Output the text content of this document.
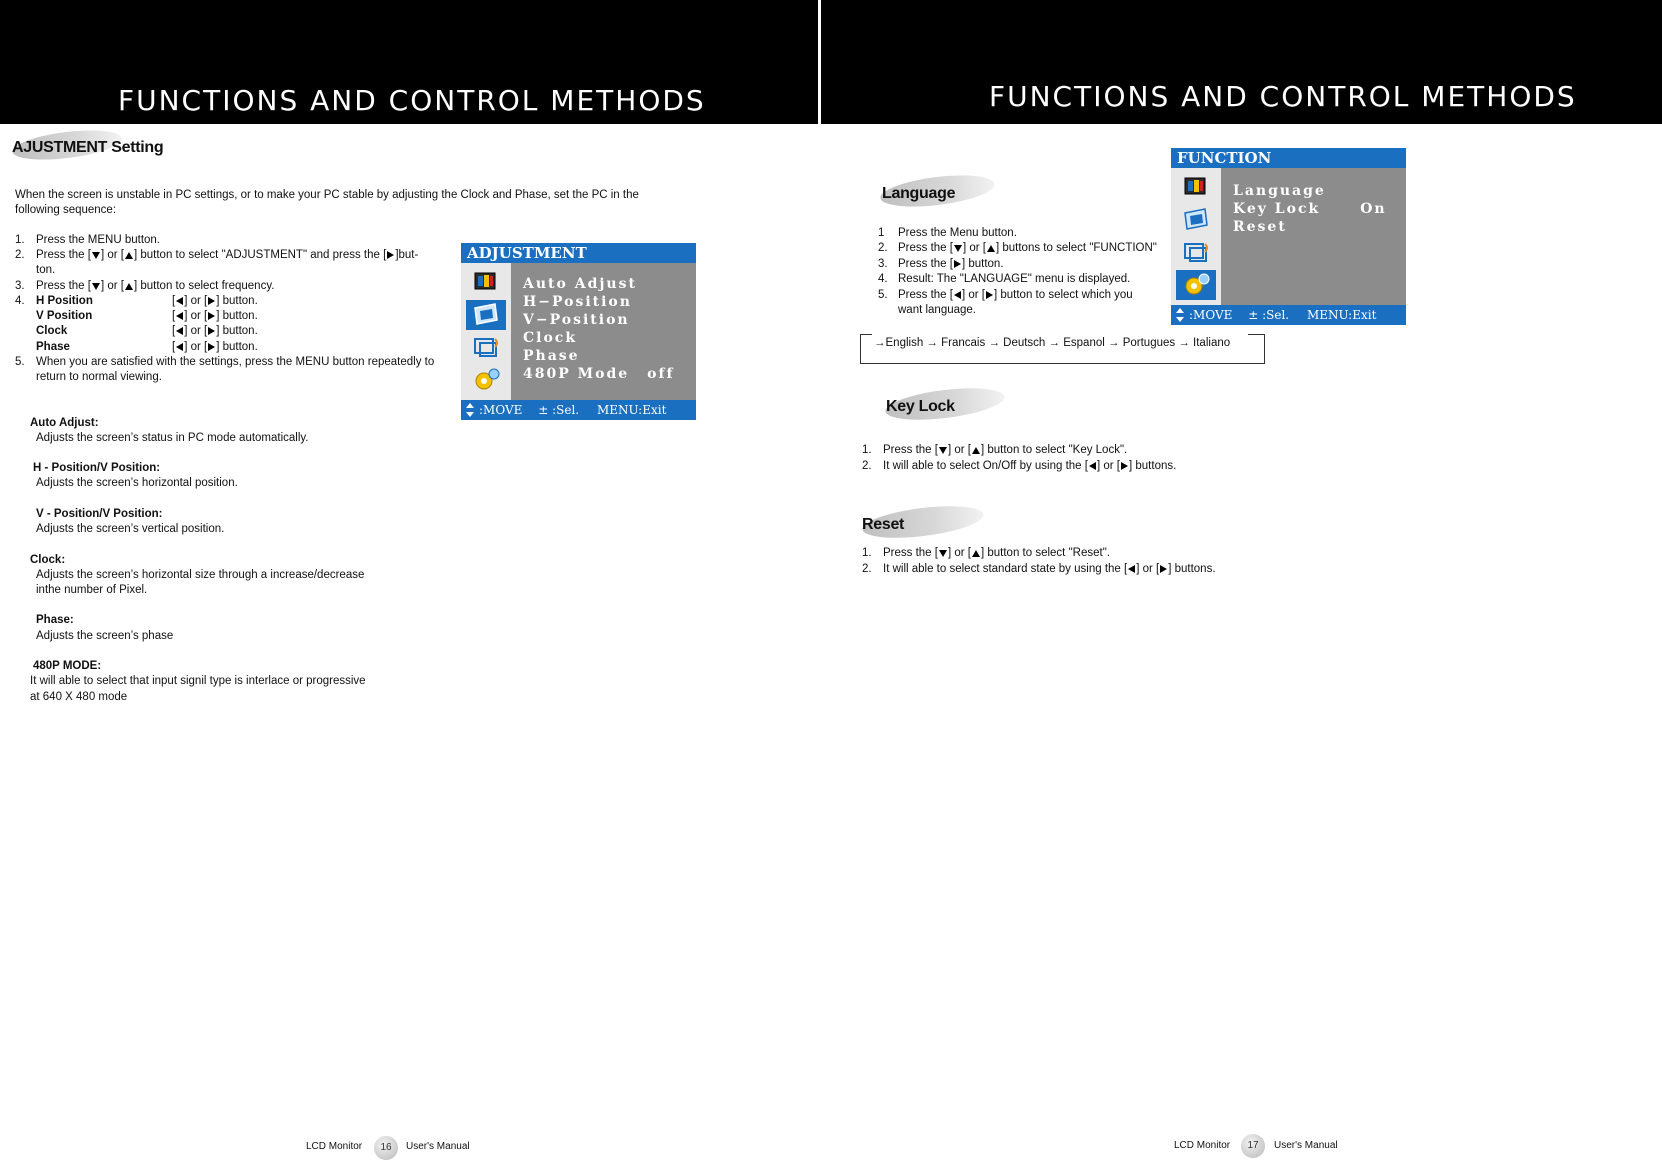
FUNCTIONS AND CONTROL METHODS	FUNCTIONS AND CONTROL METHODS
AJUSTMENT Setting
When the screen is unstable in PC settings, or to make your PC stable by adjusting the Clock and Phase, set the PC in the
following sequence:
1. Press the MENU button.
2. Press the [ ] or [ ] button to select "ADJUSTMENT" and press the [ ]but-
ton.
3. Press the [ ] or [ ] button to select frequency.
4. H Position	[ ] or [ ] button.
V Position	[ ] or [ ] button.
Clock	[ ] or [ ] button.
Phase	[ ] or [ ] button.
5. When you are satisfied with the settings, press the MENU button repeatedly to
return to normal viewing.
Auto Adjust:
Adjusts the screen’s status in PC mode automatically.
H - Position/V Position:
Adjusts the screen’s horizontal position.
V - Position/V Position:
Adjusts the screen’s vertical position.
Clock:
Adjusts the screen’s horizontal size through a increase/decrease
inthe number of Pixel.
Phase:
Adjusts the screen’s phase
480P MODE:
It will able to select that input signil type is interlace or progressive
at 640 X 480 mode
ADJUSTMENT
Auto Adjust
H−Position
V−Position
Clock
Phase
480P Mode off
:MOVE ± :Sel. MENU:Exit
LCD Monitor	16	User's Manual
Language
1 Press the Menu button.
2. Press the [ ] or [ ] buttons to select "FUNCTION"
3. Press the [ ] button.
4. Result: The "LANGUAGE" menu is displayed.
5. Press the [ ] or [ ] button to select which you
want language.
→English → Francais → Deutsch → Espanol → Portugues → Italiano
Key Lock
1. Press the [ ] or [ ] button to select "Key Lock".
2. It will able to select On/Off by using the [ ] or [ ] buttons.
Reset
1. Press the [ ] or [ ] button to select "Reset".
2. It will able to select standard state by using the [ ] or [ ] buttons.
FUNCTION
Language
Key Lock	On
Reset
:MOVE ± :Sel. MENU:Exit
LCD Monitor	17	User's Manual
